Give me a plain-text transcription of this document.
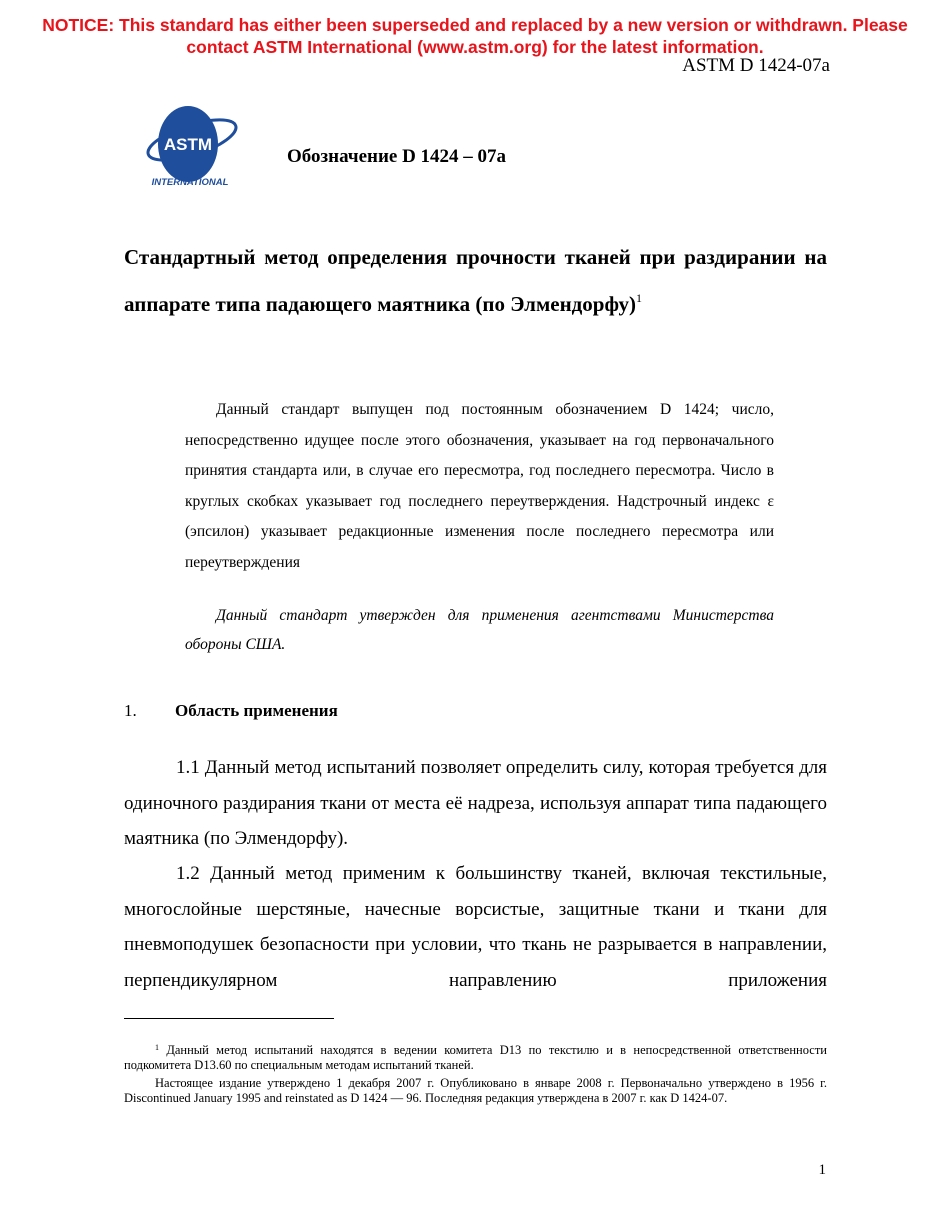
NOTICE: This standard has either been superseded and replaced by a new version or withdrawn. Please
contact ASTM International (www.astm.org) for the latest information.
ASTM D 1424-07a
ASTM
INTERNATIONAL
Обозначение D 1424 – 07a
Стандартный метод определения прочности тканей при раздирании на аппарате типа падающего маятника (по Элмендорфу)$^1$

Данный стандарт выпущен под постоянным обозначением D 1424; число, непосредственно идущее после этого обозначения, указывает на год первоначального принятия стандарта или, в случае его пересмотра, год последнего пересмотра. Число в круглых скобках указывает год последнего переутверждения. Надстрочный индекс ε (эпсилон) указывает редакционные изменения после последнего пересмотра или переутверждения

Данный стандарт утвержден для применения агентствами Министерства обороны США.

1. Область применения

1.1 Данный метод испытаний позволяет определить силу, которая требуется для одиночного раздирания ткани от места её надреза, используя аппарат типа падающего маятника (по Элмендорфу).

1.2 Данный метод применим к большинству тканей, включая текстильные, многослойные шерстяные, начесные ворсистые, защитные ткани и ткани для пневмоподушек безопасности при условии, что ткань не разрывается в направлении, перпендикулярном направлению приложения

$^1$ Данный метод испытаний находятся в ведении комитета D13 по текстилю и в непосредственной ответственности подкомитета D13.60 по специальным методам испытаний тканей.

Настоящее издание утверждено 1 декабря 2007 г. Опубликовано в январе 2008 г. Первоначально утверждено в 1956 г. Discontinued January 1995 and reinstated as D 1424 — 96. Последняя редакция утверждена в 2007 г. как D 1424-07.

1
